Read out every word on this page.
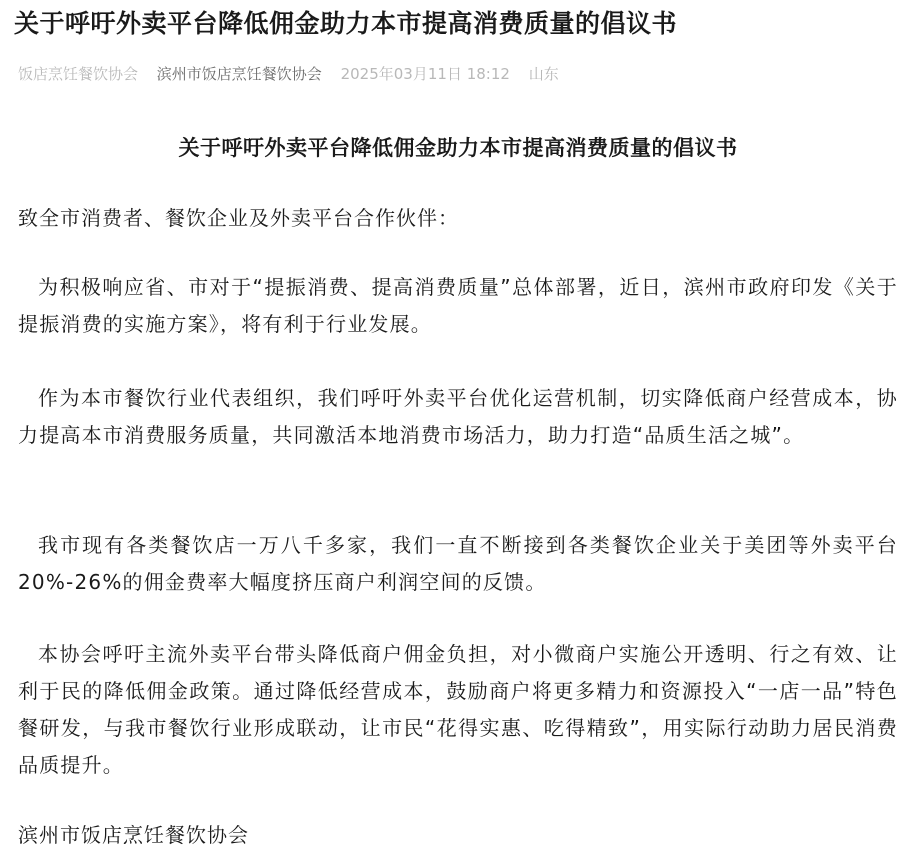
关于呼吁外卖平台降低佣金助力本市提高消费质量的倡议书
饭店烹饪餐饮协会 滨州市饭店烹饪餐饮协会 2025年03月11日 18:12 山东
关于呼吁外卖平台降低佣金助力本市提高消费质量的倡议书
致全市消费者、餐饮企业及外卖平台合作伙伴：
为积极响应省、市对于“提振消费、提高消费质量”总体部署，近日，滨州市政府印发《关于提振消费的实施方案》，将有利于行业发展。
作为本市餐饮行业代表组织，我们呼吁外卖平台优化运营机制，切实降低商户经营成本，协力提高本市消费服务质量，共同激活本地消费市场活力，助力打造“品质生活之城”。
我市现有各类餐饮店一万八千多家，我们一直不断接到各类餐饮企业关于美团等外卖平台20%-26%的佣金费率大幅度挤压商户利润空间的反馈。
本协会呼吁主流外卖平台带头降低商户佣金负担，对小微商户实施公开透明、行之有效、让利于民的降低佣金政策。通过降低经营成本，鼓励商户将更多精力和资源投入“一店一品”特色餐研发，与我市餐饮行业形成联动，让市民“花得实惠、吃得精致”，用实际行动助力居民消费品质提升。
滨州市饭店烹饪餐饮协会
